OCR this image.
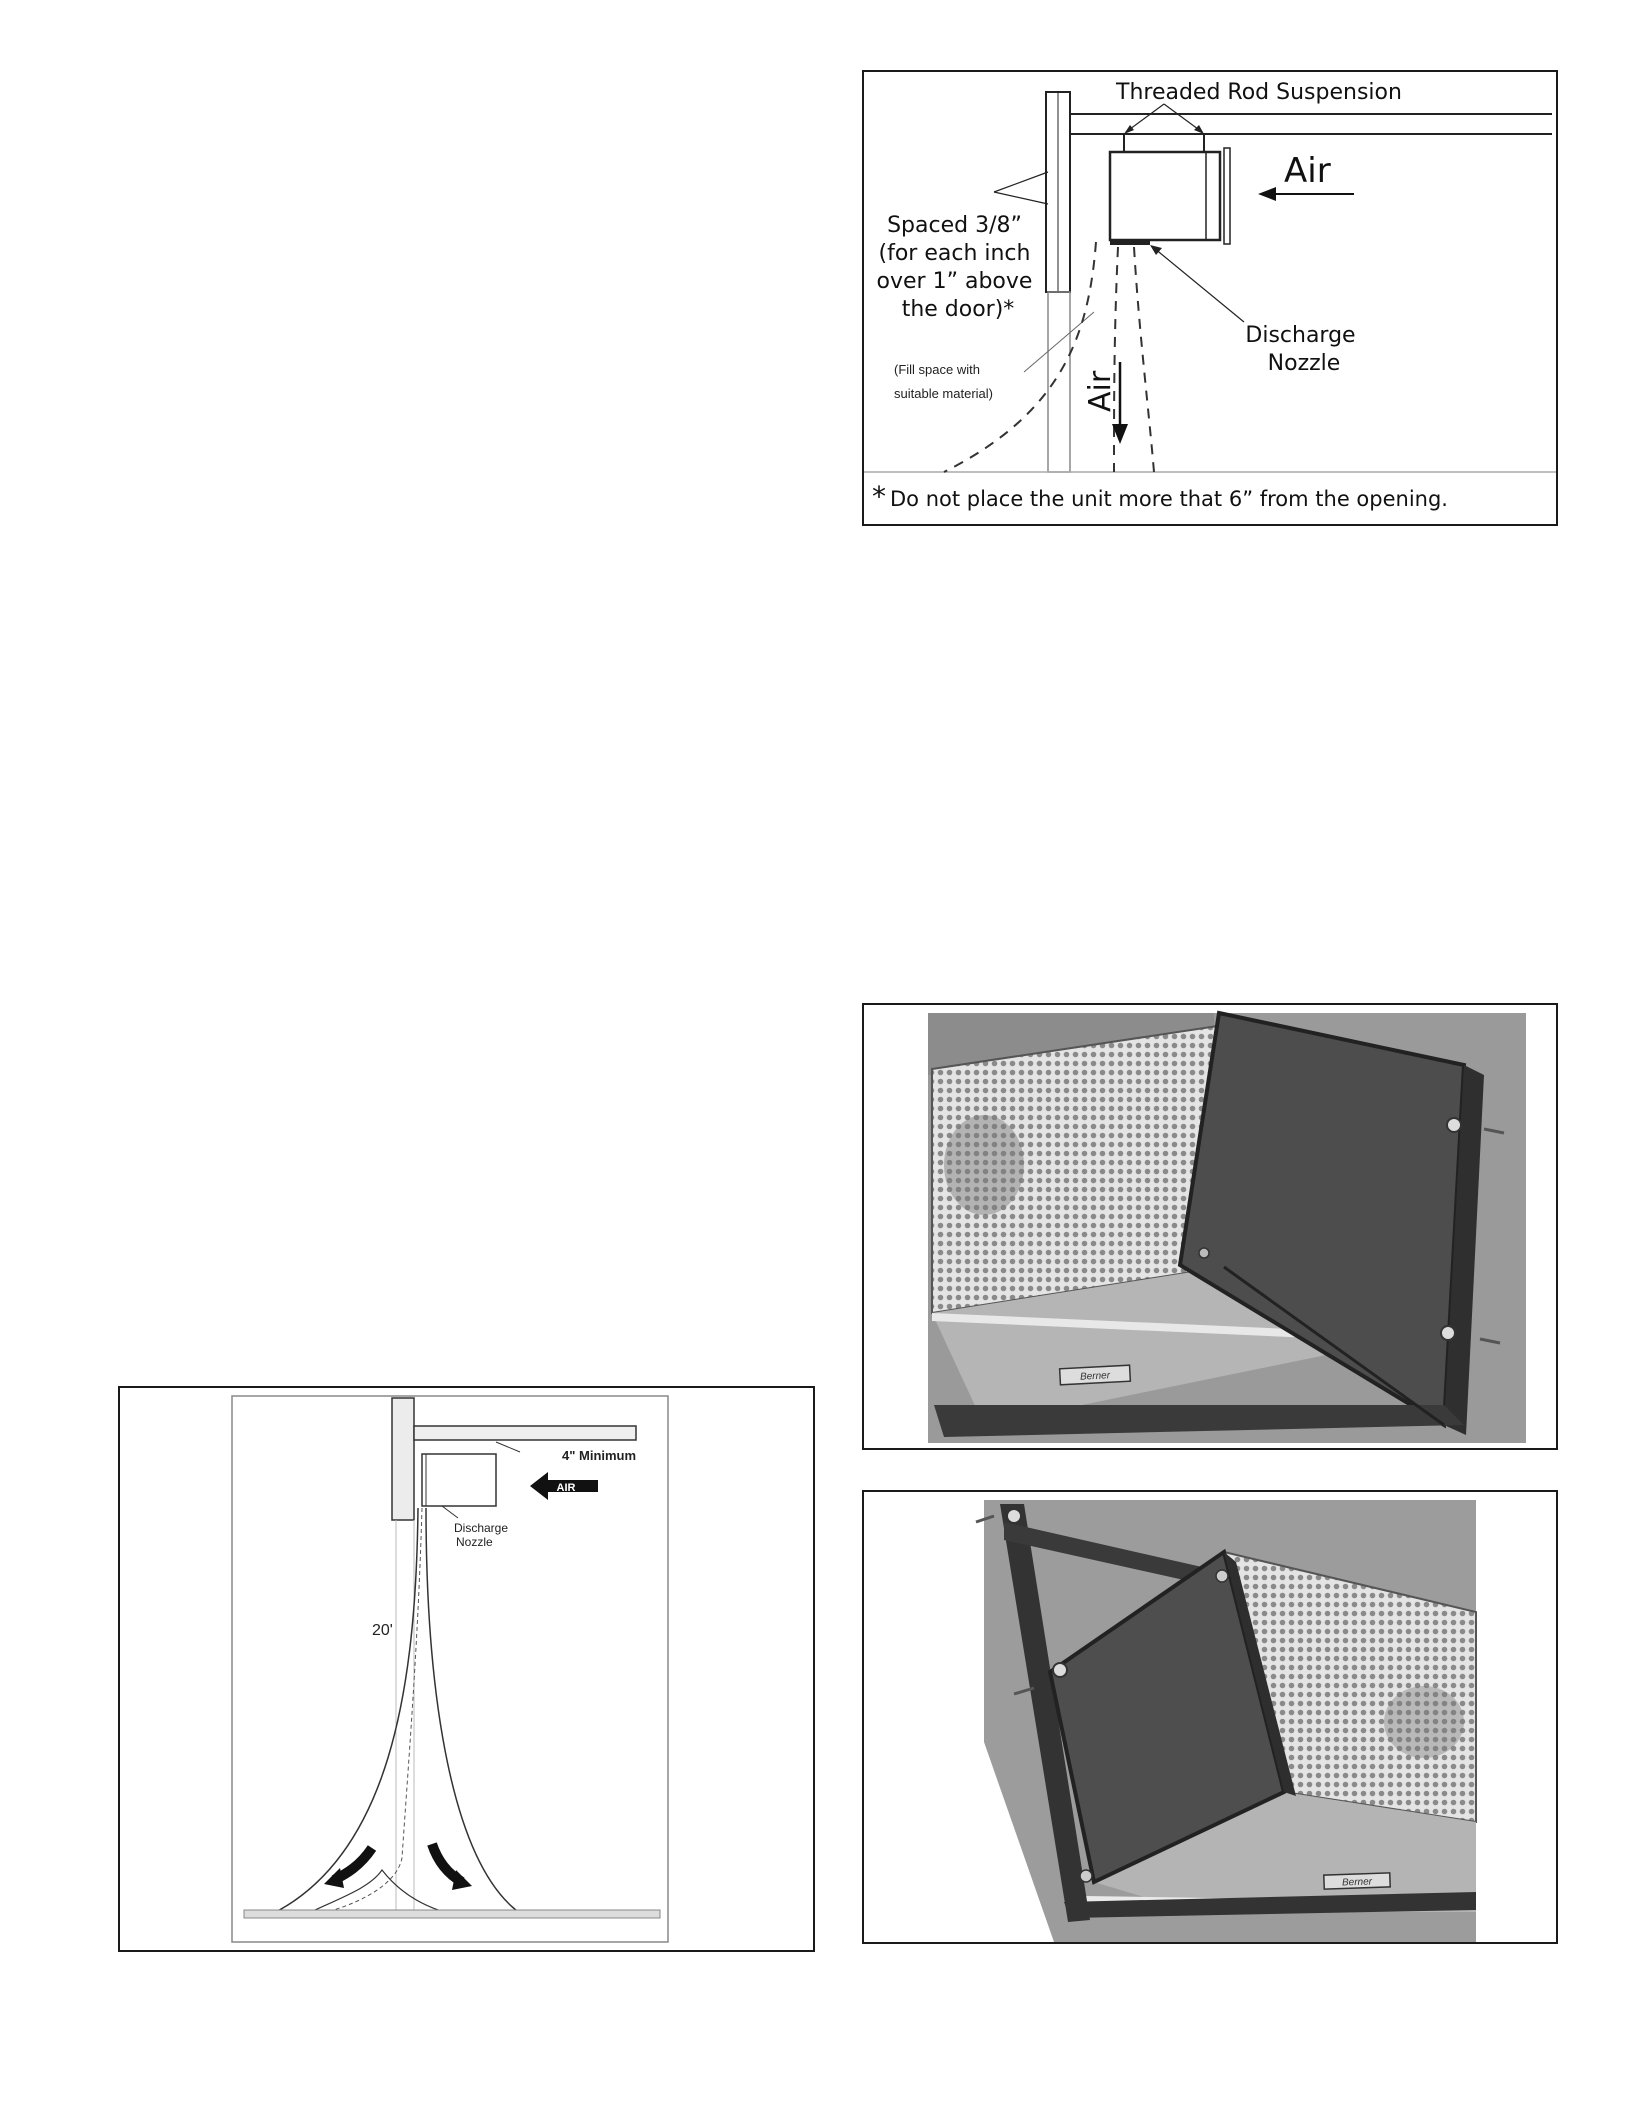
Threaded Rod Suspension
Air
Spaced 3/8” (for each inch over 1” above the door)*
(Fill space with suitable material)	Air
Discharge Nozzle
* Do not place the unit more that 6” from the opening.
4" Minimum
AIR
Discharge Nozzle
20'
Berner
Berner
